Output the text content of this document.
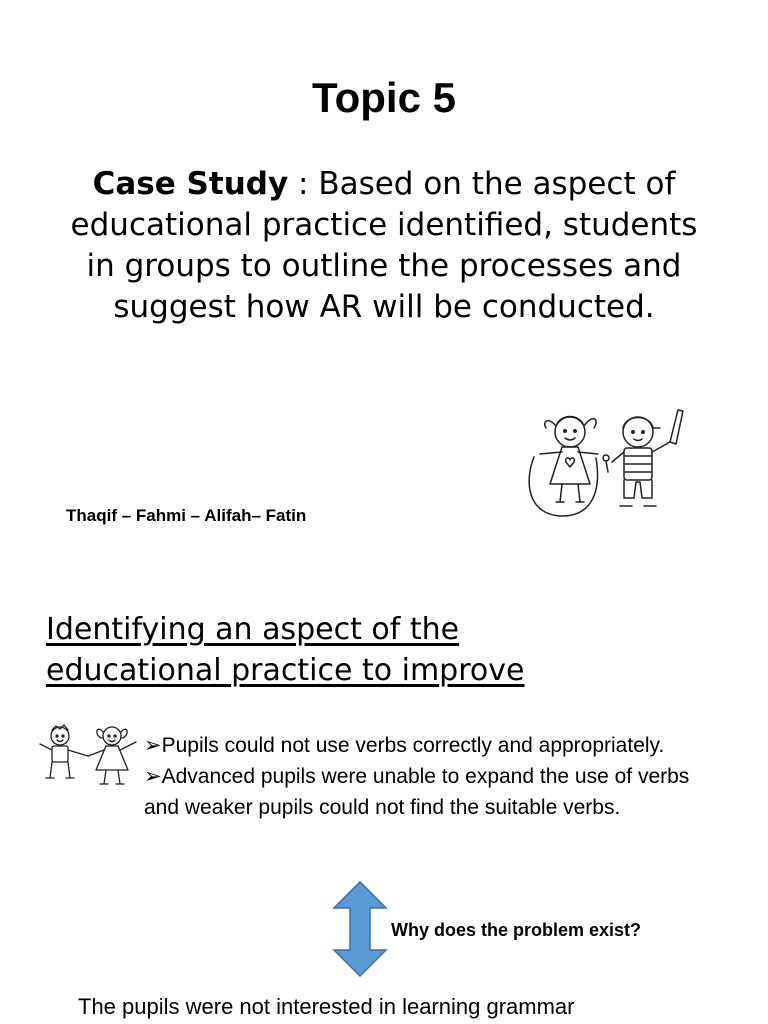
Topic 5
Case Study : Based on the aspect of educational practice identified, students in groups to outline the processes and suggest how AR will be conducted.
Thaqif – Fahmi – Alifah– Fatin
Identifying an aspect of the
educational practice to improve
➢Pupils could not use verbs correctly and appropriately.
➢Advanced pupils were unable to expand the use of verbs and weaker pupils could not find the suitable verbs.
Why does the problem exist?
The pupils were not interested in learning grammar
